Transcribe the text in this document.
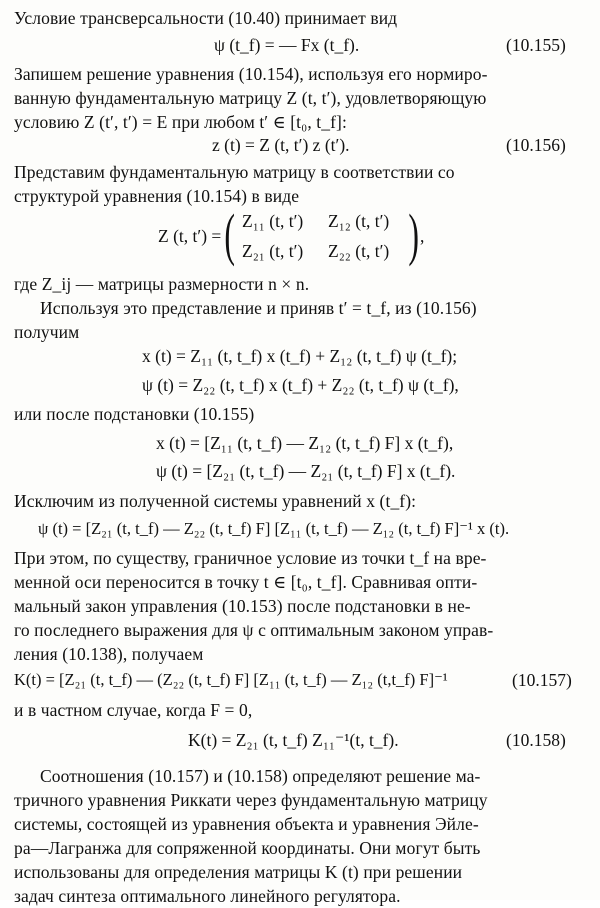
Условие трансверсальности (10.40) принимает вид
ψ (t_f) = — Fx (t_f).	(10.155)
Запишем решение уравнения (10.154), используя его нормиро-
ванную фундаментальную матрицу Z (t, t′), удовлетворяющую
условию Z (t′, t′) = E при любом t′ ∈ [t₀, t_f]:
z (t) = Z (t, t′) z (t′).	(10.156)
Представим фундаментальную матрицу в соответствии со
структурой уравнения (10.154) в виде
Z (t, t′) = ( Z₁₁ (t, t′) Z₁₂ (t, t′)
Z₂₁ (t, t′) Z₂₂ (t, t′) ) ,
где Z_ij — матрицы размерности n × n.
Используя это представление и приняв t′ = t_f, из (10.156)
получим
x (t) = Z₁₁ (t, t_f) x (t_f) + Z₁₂ (t, t_f) ψ (t_f);
ψ (t) = Z₂₂ (t, t_f) x (t_f) + Z₂₂ (t, t_f) ψ (t_f),
или после подстановки (10.155)
x (t) = [Z₁₁ (t, t_f) — Z₁₂ (t, t_f) F] x (t_f),
ψ (t) = [Z₂₁ (t, t_f) — Z₂₁ (t, t_f) F] x (t_f).
Исключим из полученной системы уравнений x (t_f):
ψ (t) = [Z₂₁ (t, t_f) — Z₂₂ (t, t_f) F] [Z₁₁ (t, t_f) — Z₁₂ (t, t_f) F]⁻¹ x (t).
При этом, по существу, граничное условие из точки t_f на вре-
менной оси переносится в точку t ∈ [t₀, t_f]. Сравнивая опти-
мальный закон управления (10.153) после подстановки в не-
го последнего выражения для ψ с оптимальным законом управ-
ления (10.138), получаем
K(t) = [Z₂₁ (t, t_f) — (Z₂₂ (t, t_f) F] [Z₁₁ (t, t_f) — Z₁₂ (t,t_f) F]⁻¹	(10.157)
и в частном случае, когда F = 0,
K(t) = Z₂₁ (t, t_f) Z₁₁⁻¹(t, t_f).	(10.158)
Соотношения (10.157) и (10.158) определяют решение ма-
тричного уравнения Риккати через фундаментальную матрицу
системы, состоящей из уравнения объекта и уравнения Эйле-
ра—Лагранжа для сопряженной координаты. Они могут быть
использованы для определения матрицы K (t) при решении
задач синтеза оптимального линейного регулятора.
